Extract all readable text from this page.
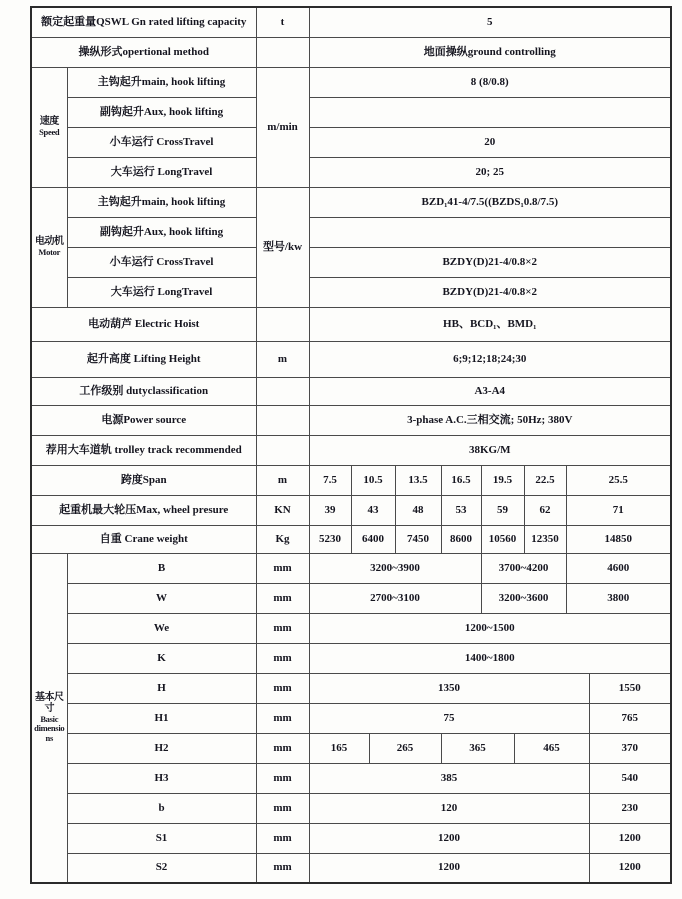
额定起重量QSWL Gn rated lifting capacity		t	5									
操纵形式opertional method			地面操纵ground controlling									

速度
Speed	主钩起升main, hook lifting	m/min	8 (8/0.8)									
	副钩起升Aux, hook lifting											
	小车运行 CrossTravel		20									
	大车运行 LongTravel		20; 25									

电动机
Motor	主钩起升main, hook lifting	型号/kw	BZD₁41-4/7.5((BZDS₁0.8/7.5)									
	副钩起升Aux, hook lifting											
	小车运行 CrossTravel		BZDY(D)21-4/0.8×2									
	大车运行 LongTravel		BZDY(D)21-4/0.8×2									
电动葫芦 Electric Hoist			HB、BCD₁、BMD₁									
起升高度 Lifting Height		m	6;9;12;18;24;30									
工作级别 dutyclassification			A3-A4									
电源Power source			3-phase A.C.三相交流; 50Hz; 380V									
荐用大车道轨 trolley track recommended			38KG/M									
跨度Span		m	7.5	10.5		13.5	16.5	19.5		22.5	25.5	
起重机最大轮压Max, wheel presure		KN	39	43		48	53	59		62	71	
自重 Crane weight		Kg	5230	6400		7450	8600	10560		12350	14850	

基本尺寸
Basic
dimensions	B	mm	3200~3900					3700~4200			4600	
	W	mm	2700~3100					3200~3600			3800	
	We	mm	1200~1500									
	K	mm	1400~1800									
	H	mm	1350									1550
	H1	mm	75									765
	H2	mm	165		265		365		465			370
	H3	mm	385									540
	b	mm	120									230
	S1	mm	1200									1200
	S2	mm	1200									1200
